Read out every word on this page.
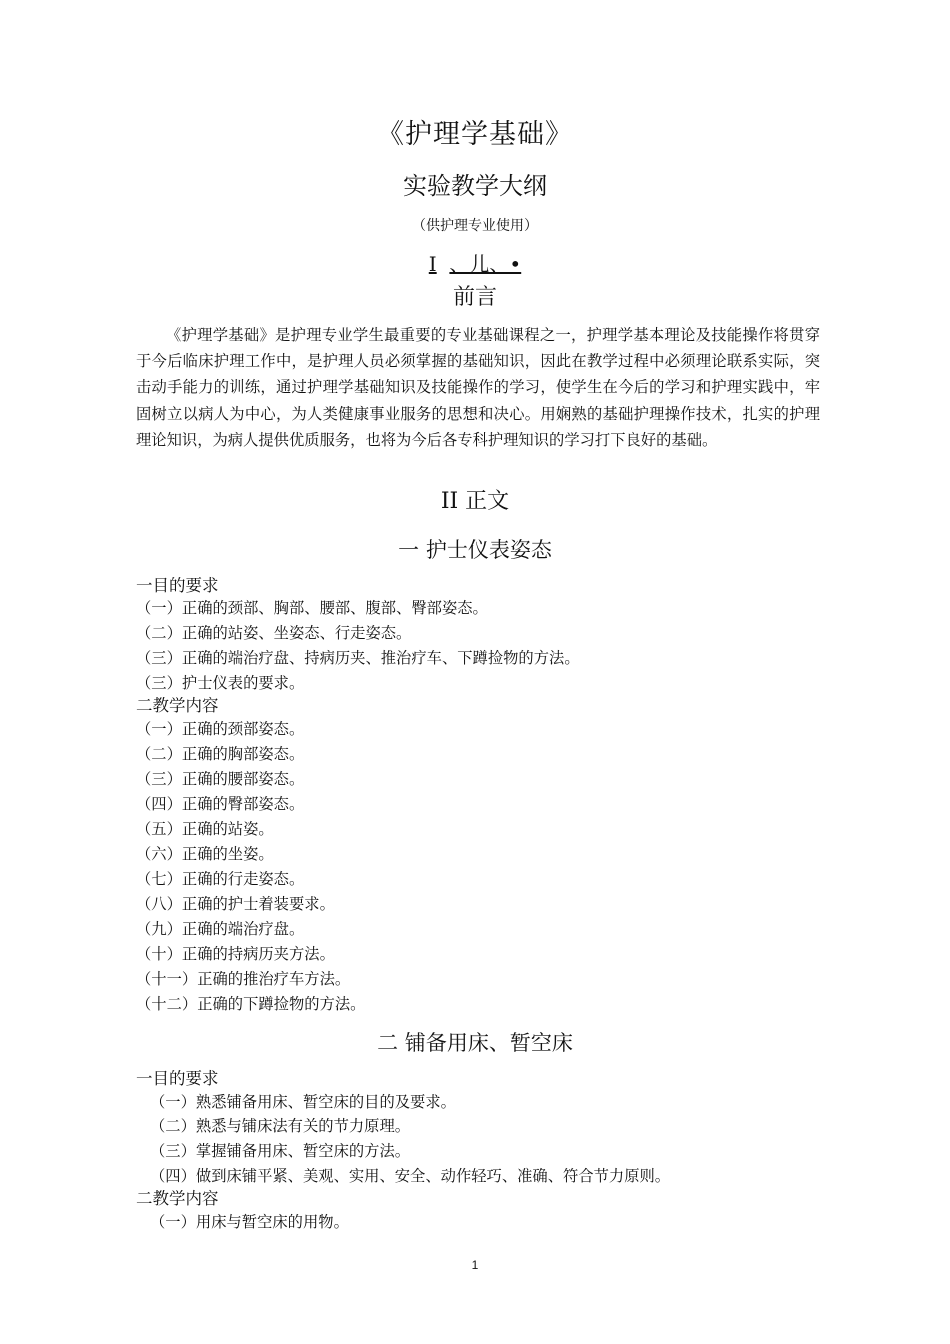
《护理学基础》
实验教学大纲
（供护理专业使用）
I 、儿、•
前言

《护理学基础》是护理专业学生最重要的专业基础课程之一，护理学基本理论及技能操作将贯穿于今后临床护理工作中，是护理人员必须掌握的基础知识，因此在教学过程中必须理论联系实际，突击动手能力的训练，通过护理学基础知识及技能操作的学习，使学生在今后的学习和护理实践中，牢固树立以病人为中心，为人类健康事业服务的思想和决心。用娴熟的基础护理操作技术，扎实的护理理论知识，为病人提供优质服务，也将为今后各专科护理知识的学习打下良好的基础。

II 正文
一 护士仪表姿态
一目的要求
（一）正确的颈部、胸部、腰部、腹部、臀部姿态。
（二）正确的站姿、坐姿态、行走姿态。
（三）正确的端治疗盘、持病历夹、推治疗车、下蹲捡物的方法。
（三）护士仪表的要求。
二教学内容
（一）正确的颈部姿态。
（二）正确的胸部姿态。
（三）正确的腰部姿态。
（四）正确的臀部姿态。
（五）正确的站姿。
（六）正确的坐姿。
（七）正确的行走姿态。
（八）正确的护士着装要求。
（九）正确的端治疗盘。
（十）正确的持病历夹方法。
（十一）正确的推治疗车方法。
（十二）正确的下蹲捡物的方法。
二 铺备用床、暂空床
一目的要求
（一）熟悉铺备用床、暂空床的目的及要求。
（二）熟悉与铺床法有关的节力原理。
（三）掌握铺备用床、暂空床的方法。
（四）做到床铺平紧、美观、实用、安全、动作轻巧、准确、符合节力原则。
二教学内容
（一）用床与暂空床的用物。
1
